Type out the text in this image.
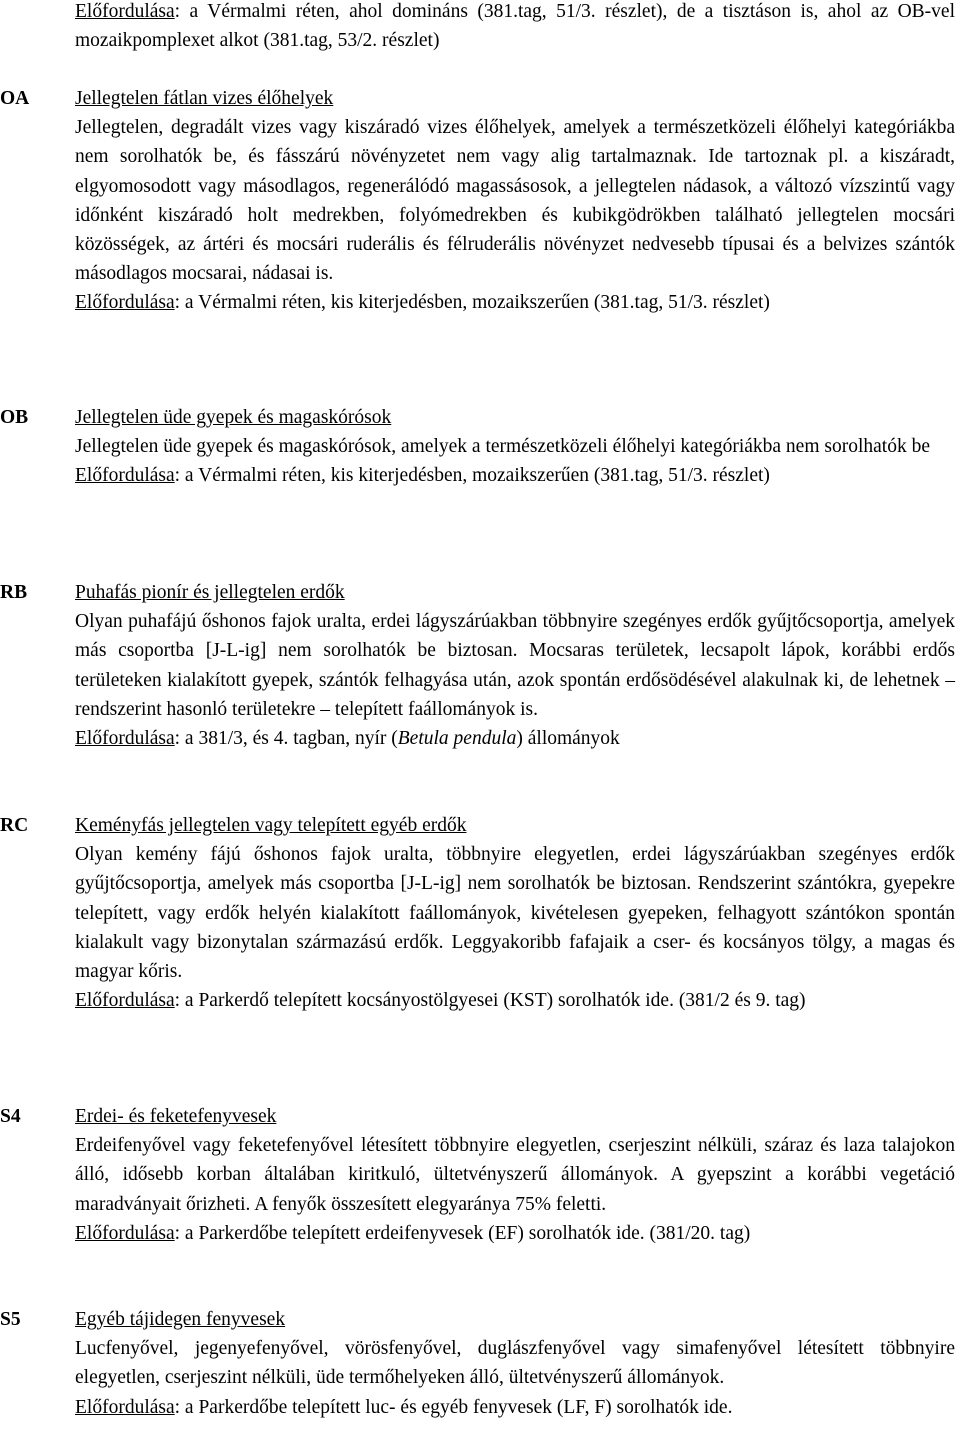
Előfordulása: a Vérmalmi réten, ahol domináns (381.tag, 51/3. részlet), de a tisztáson is, ahol az OB-vel mozaikpomplexet alkot (381.tag, 53/2. részlet)

OA	Jellegtelen fátlan vizes élőhelyek

Jellegtelen, degradált vizes vagy kiszáradó vizes élőhelyek, amelyek a természetközeli élőhelyi kategóriákba nem sorolhatók be, és fásszárú növényzetet nem vagy alig tartalmaznak. Ide tartoznak pl. a kiszáradt, elgyomosodott vagy másodlagos, regenerálódó magassásosok, a jellegtelen nádasok, a változó vízszintű vagy időnként kiszáradó holt medrekben, folyómedrekben és kubikgödrökben található jellegtelen mocsári közösségek, az ártéri és mocsári ruderális és félruderális növényzet nedvesebb típusai és a belvizes szántók másodlagos mocsarai, nádasai is.

Előfordulása: a Vérmalmi réten, kis kiterjedésben, mozaikszerűen (381.tag, 51/3. részlet)

OB	Jellegtelen üde gyepek és magaskórósok

Jellegtelen üde gyepek és magaskórósok, amelyek a természetközeli élőhelyi kategóriákba nem sorolhatók be

Előfordulása: a Vérmalmi réten, kis kiterjedésben, mozaikszerűen (381.tag, 51/3. részlet)

RB	Puhafás pionír és jellegtelen erdők

Olyan puhafájú őshonos fajok uralta, erdei lágyszárúakban többnyire szegényes erdők gyűjtőcsoportja, amelyek más csoportba [J-L-ig] nem sorolhatók be biztosan. Mocsaras területek, lecsapolt lápok, korábbi erdős területeken kialakított gyepek, szántók felhagyása után, azok spontán erdősödésével alakulnak ki, de lehetnek – rendszerint hasonló területekre – telepített faállományok is.

Előfordulása: a 381/3, és 4. tagban, nyír (Betula pendula) állományok

RC	Keményfás jellegtelen vagy telepített egyéb erdők

Olyan kemény fájú őshonos fajok uralta, többnyire elegyetlen, erdei lágyszárúakban szegényes erdők gyűjtőcsoportja, amelyek más csoportba [J-L-ig] nem sorolhatók be biztosan. Rendszerint szántókra, gyepekre telepített, vagy erdők helyén kialakított faállományok, kivételesen gyepeken, felhagyott szántókon spontán kialakult vagy bizonytalan származású erdők. Leggyakoribb fafajaik a cser- és kocsányos tölgy, a magas és magyar kőris.

Előfordulása: a Parkerdő telepített kocsányostölgyesei (KST) sorolhatók ide. (381/2 és 9. tag)

S4	Erdei- és feketefenyvesek

Erdeifenyővel vagy feketefenyővel létesített többnyire elegyetlen, cserjeszint nélküli, száraz és laza talajokon álló, idősebb korban általában kiritkuló, ültetvényszerű állományok. A gyepszint a korábbi vegetáció maradványait őrizheti. A fenyők összesített elegyaránya 75% feletti.

Előfordulása: a Parkerdőbe telepített erdeifenyvesek (EF) sorolhatók ide. (381/20. tag)

S5	Egyéb tájidegen fenyvesek

Lucfenyővel, jegenyefenyővel, vörösfenyővel, duglászfenyővel vagy simafenyővel létesített többnyire elegyetlen, cserjeszint nélküli, üde termőhelyeken álló, ültetvényszerű állományok.

Előfordulása: a Parkerdőbe telepített luc- és egyéb fenyvesek (LF, F) sorolhatók ide.
